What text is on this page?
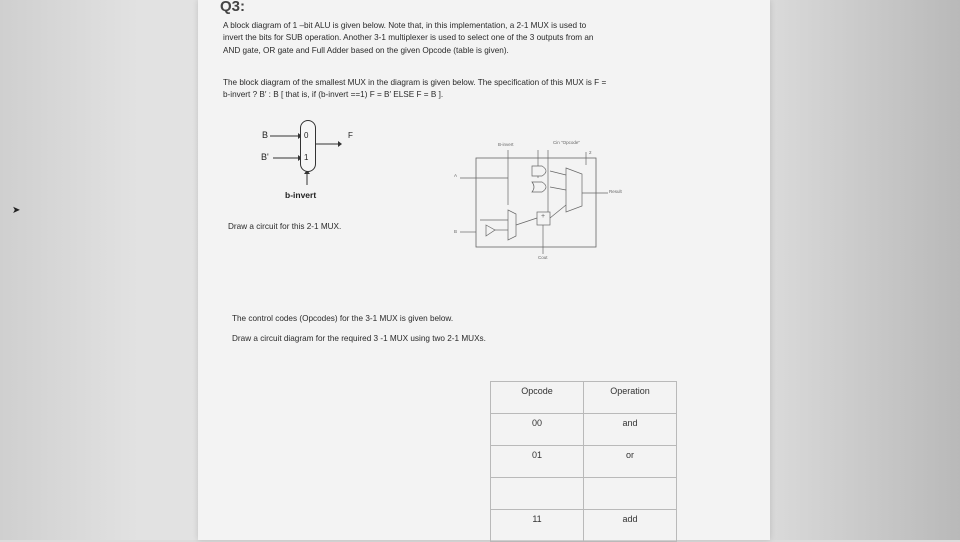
Q3:
A block diagram of 1 –bit ALU is given below. Note that, in this implementation, a 2-1 MUX is used to
invert the bits for SUB operation. Another 3-1 multiplexer is used to select one of the 3 outputs from an
AND gate, OR gate and Full Adder based on the given Opcode (table is given).
The block diagram of the smallest MUX in the diagram is given below. The specification of this MUX is F =
b-invert ? B′ : B [ that is, if (b-invert ==1) F = B′ ELSE F = B ].
B
B'
0
1
F
b-invert
Draw a circuit for this 2-1 MUX.
B-invert	Cin "Opcode"
2
A
B
Result
Cout
+
The control codes (Opcodes) for the 3-1 MUX is given below.
Draw a circuit diagram for the required 3 -1 MUX using two 2-1 MUXs.
Opcode	Operation
00	and
01	or

11	add
➤
